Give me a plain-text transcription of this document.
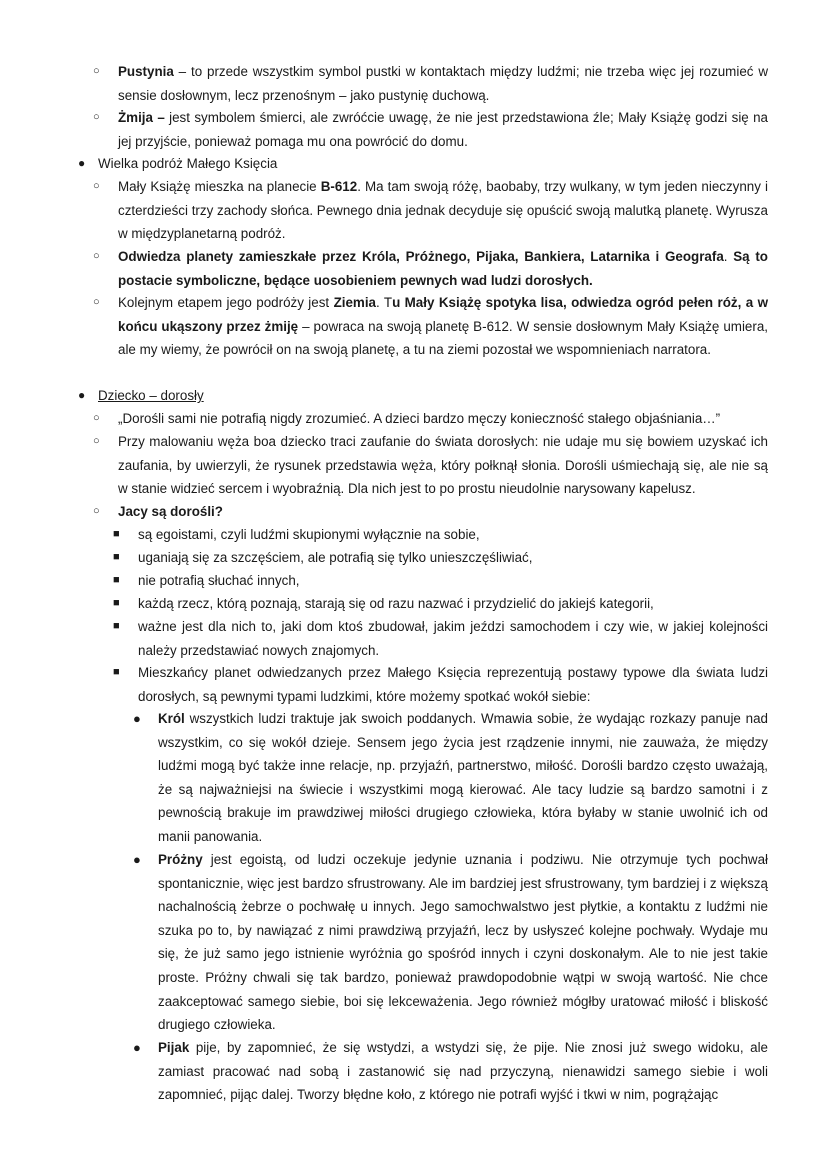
○ Pustynia – to przede wszystkim symbol pustki w kontaktach między ludźmi; nie trzeba więc jej rozumieć w sensie dosłownym, lecz przenośnym – jako pustynię duchową.
○ Żmija – jest symbolem śmierci, ale zwróćcie uwagę, że nie jest przedstawiona źle; Mały Książę godzi się na jej przyjście, ponieważ pomaga mu ona powrócić do domu.
● Wielka podróż Małego Księcia
○ Mały Książę mieszka na planecie B-612. Ma tam swoją różę, baobaby, trzy wulkany, w tym jeden nieczynny i czterdzieści trzy zachody słońca. Pewnego dnia jednak decyduje się opuścić swoją malutką planetę. Wyrusza w międzyplanetarną podróż.
○ Odwiedza planety zamieszkałe przez Króla, Próżnego, Pijaka, Bankiera, Latarnika i Geografa. Są to postacie symboliczne, będące uosobieniem pewnych wad ludzi dorosłych.
○ Kolejnym etapem jego podróży jest Ziemia. Tu Mały Książę spotyka lisa, odwiedza ogród pełen róż, a w końcu ukąszony przez żmiję – powraca na swoją planetę B-612. W sensie dosłownym Mały Książę umiera, ale my wiemy, że powrócił on na swoją planetę, a tu na ziemi pozostał we wspomnieniach narratora.
● Dziecko – dorosły
○ „Dorośli sami nie potrafią nigdy zrozumieć. A dzieci bardzo męczy konieczność stałego objaśniania…”
○ Przy malowaniu węża boa dziecko traci zaufanie do świata dorosłych: nie udaje mu się bowiem uzyskać ich zaufania, by uwierzyli, że rysunek przedstawia węża, który połknął słonia. Dorośli uśmiechają się, ale nie są w stanie widzieć sercem i wyobraźnią. Dla nich jest to po prostu nieudolnie narysowany kapelusz.
○ Jacy są dorośli?
■ są egoistami, czyli ludźmi skupionymi wyłącznie na sobie,
■ uganiają się za szczęściem, ale potrafią się tylko unieszczęśliwiać,
■ nie potrafią słuchać innych,
■ każdą rzecz, którą poznają, starają się od razu nazwać i przydzielić do jakiejś kategorii,
■ ważne jest dla nich to, jaki dom ktoś zbudował, jakim jeździ samochodem i czy wie, w jakiej kolejności należy przedstawiać nowych znajomych.
■ Mieszkańcy planet odwiedzanych przez Małego Księcia reprezentują postawy typowe dla świata ludzi dorosłych, są pewnymi typami ludzkimi, które możemy spotkać wokół siebie:
● Król wszystkich ludzi traktuje jak swoich poddanych. Wmawia sobie, że wydając rozkazy panuje nad wszystkim, co się wokół dzieje. Sensem jego życia jest rządzenie innymi, nie zauważa, że między ludźmi mogą być także inne relacje, np. przyjaźń, partnerstwo, miłość. Dorośli bardzo często uważają, że są najważniejsi na świecie i wszystkimi mogą kierować. Ale tacy ludzie są bardzo samotni i z pewnością brakuje im prawdziwej miłości drugiego człowieka, która byłaby w stanie uwolnić ich od manii panowania.
● Próżny jest egoistą, od ludzi oczekuje jedynie uznania i podziwu. Nie otrzymuje tych pochwał spontanicznie, więc jest bardzo sfrustrowany. Ale im bardziej jest sfrustrowany, tym bardziej i z większą nachalnością żebrze o pochwałę u innych. Jego samochwalstwo jest płytkie, a kontaktu z ludźmi nie szuka po to, by nawiązać z nimi prawdziwą przyjaźń, lecz by usłyszeć kolejne pochwały. Wydaje mu się, że już samo jego istnienie wyróżnia go spośród innych i czyni doskonałym. Ale to nie jest takie proste. Próżny chwali się tak bardzo, ponieważ prawdopodobnie wątpi w swoją wartość. Nie chce zaakceptować samego siebie, boi się lekceważenia. Jego również mógłby uratować miłość i bliskość drugiego człowieka.
● Pijak pije, by zapomnieć, że się wstydzi, a wstydzi się, że pije. Nie znosi już swego widoku, ale zamiast pracować nad sobą i zastanowić się nad przyczyną, nienawidzi samego siebie i woli zapomnieć, pijąc dalej. Tworzy błędne koło, z którego nie potrafi wyjść i tkwi w nim, pogrążając
